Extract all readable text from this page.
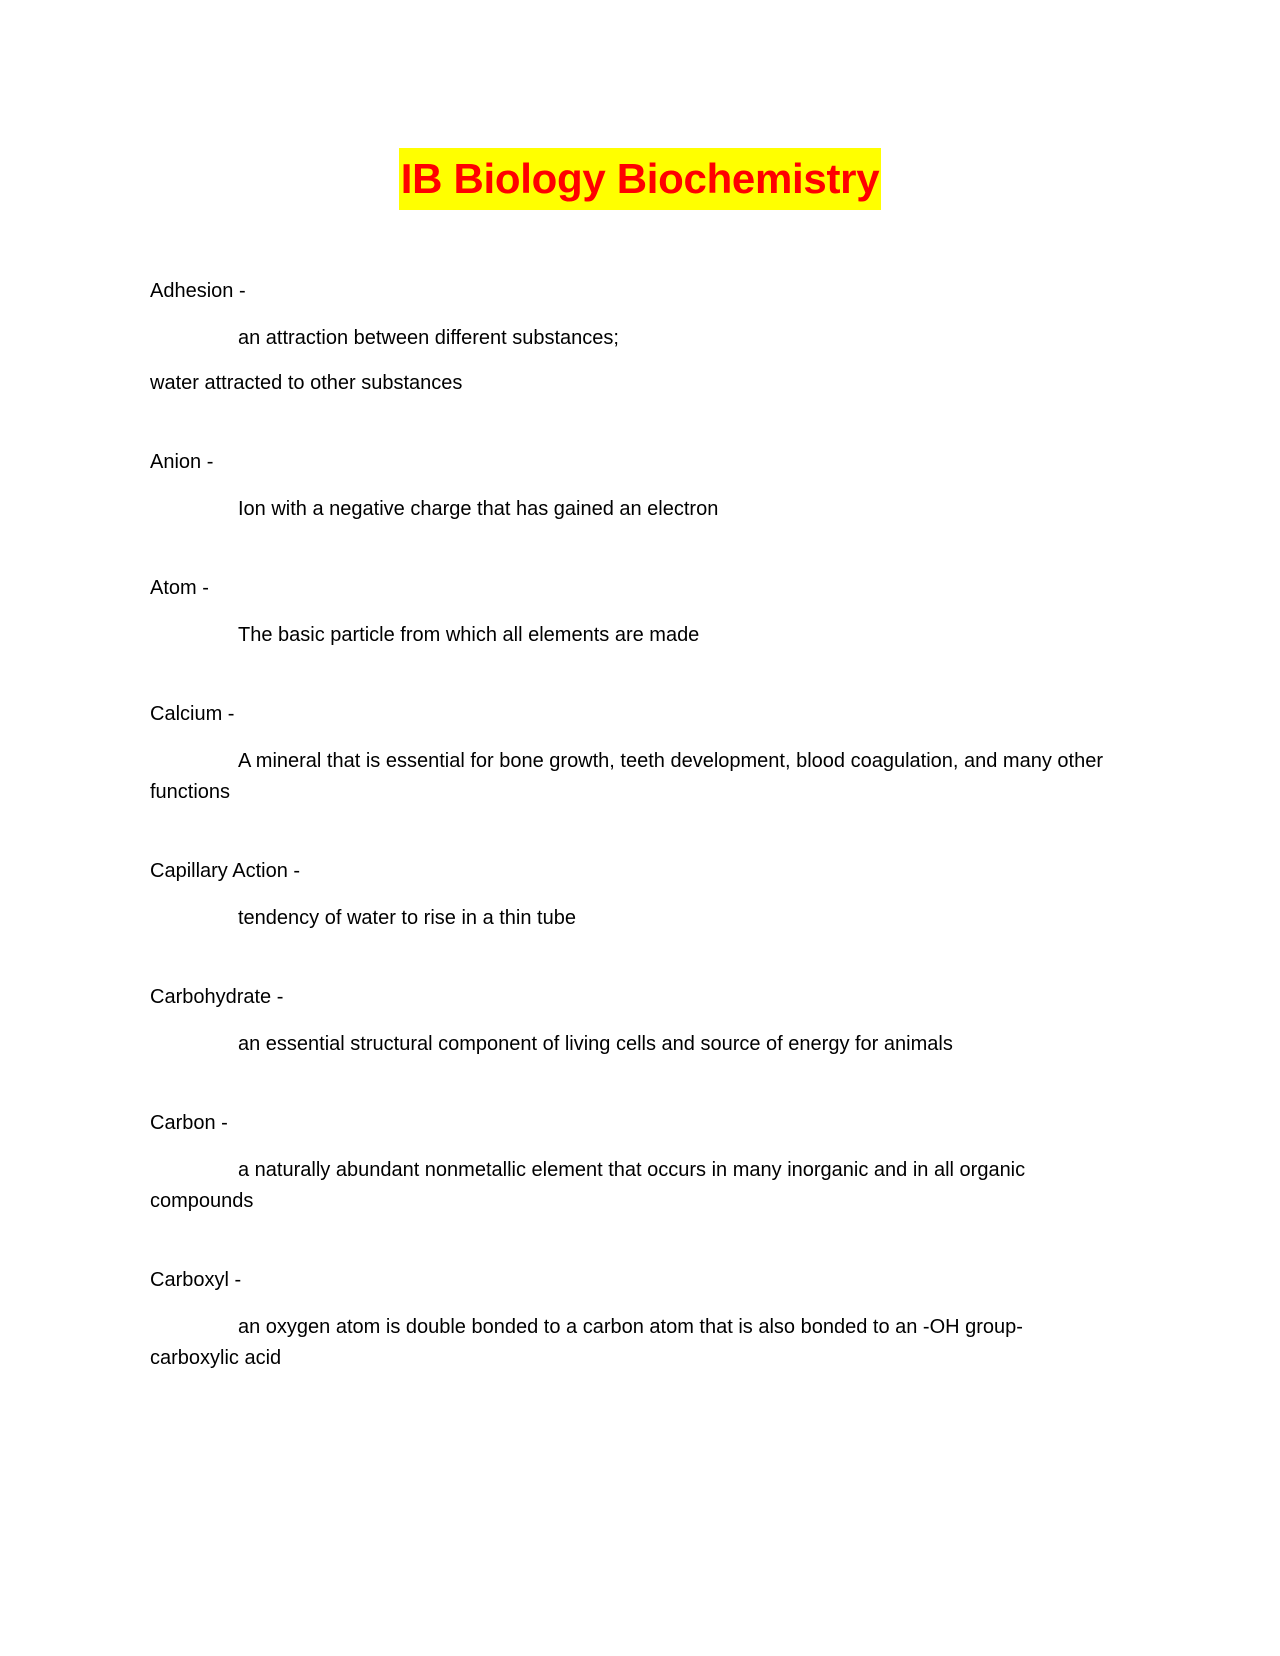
IB Biology Biochemistry

Adhesion -

an attraction between different substances;

water attracted to other substances

Anion -

Ion with a negative charge that has gained an electron

Atom -

The basic particle from which all elements are made

Calcium -

A mineral that is essential for bone growth, teeth development, blood coagulation, and many other functions

Capillary Action -

tendency of water to rise in a thin tube

Carbohydrate -

an essential structural component of living cells and source of energy for animals

Carbon -

a naturally abundant nonmetallic element that occurs in many inorganic and in all organic compounds

Carboxyl -

an oxygen atom is double bonded to a carbon atom that is also bonded to an -OH group- carboxylic acid
